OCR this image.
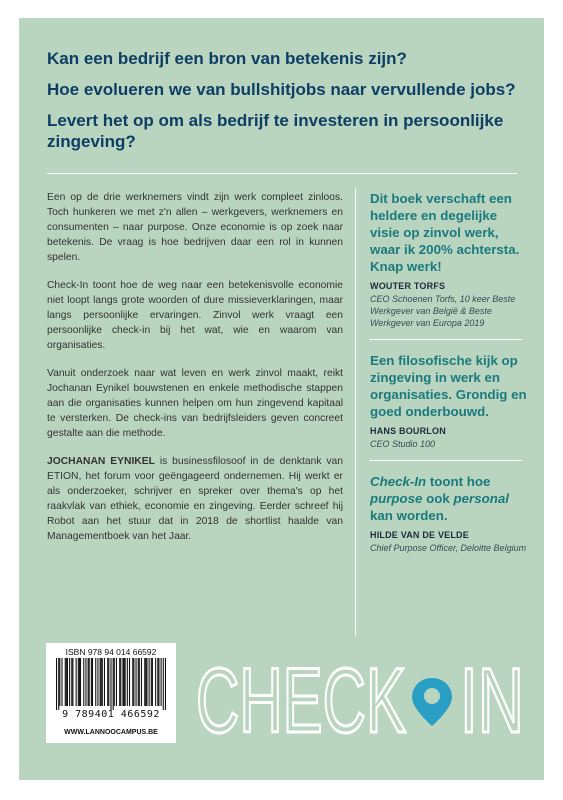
Kan een bedrijf een bron van betekenis zijn?

Hoe evolueren we van bullshitjobs naar vervullende jobs?

Levert het op om als bedrijf te investeren in persoonlijke zingeving?

Een op de drie werknemers vindt zijn werk compleet zinloos. Toch hunkeren we met z'n allen – werkgevers, werknemers en consumenten – naar purpose. Onze economie is op zoek naar betekenis. De vraag is hoe bedrijven daar een rol in kunnen spelen.

Check-In toont hoe de weg naar een betekenisvolle economie niet loopt langs grote woorden of dure missieverklaringen, maar langs persoonlijke ervaringen. Zinvol werk vraagt een persoonlijke check-in bij het wat, wie en waarom van organisaties.

Vanuit onderzoek naar wat leven en werk zinvol maakt, reikt Jochanan Eynikel bouwstenen en enkele methodische stappen aan die organisaties kunnen helpen om hun zingevend kapitaal te versterken. De check-ins van bedrijfsleiders geven concreet gestalte aan die methode.

JOCHANAN EYNIKEL is businessfilosoof in de denktank van ETION, het forum voor geëngageerd ondernemen. Hij werkt er als onderzoeker, schrijver en spreker over thema's op het raakvlak van ethiek, economie en zingeving. Eerder schreef hij Robot aan het stuur dat in 2018 de shortlist haalde van Managementboek van het Jaar.

Dit boek verschaft een heldere en degelijke visie op zinvol werk, waar ik 200% achtersta. Knap werk!
WOUTER TORFS
CEO Schoenen Torfs, 10 keer Beste Werkgever van België & Beste Werkgever van Europa 2019
Een filosofische kijk op zingeving in werk en organisaties. Grondig en goed onderbouwd.
HANS BOURLON
CEO Studio 100
Check-In toont hoe purpose ook personal kan worden.
HILDE VAN DE VELDE
Chief Purpose Officer, Deloitte Belgium
ISBN 978 94 014 66592
9 789401 466592
WWW.LANNOOCAMPUS.BE CHECK IN
